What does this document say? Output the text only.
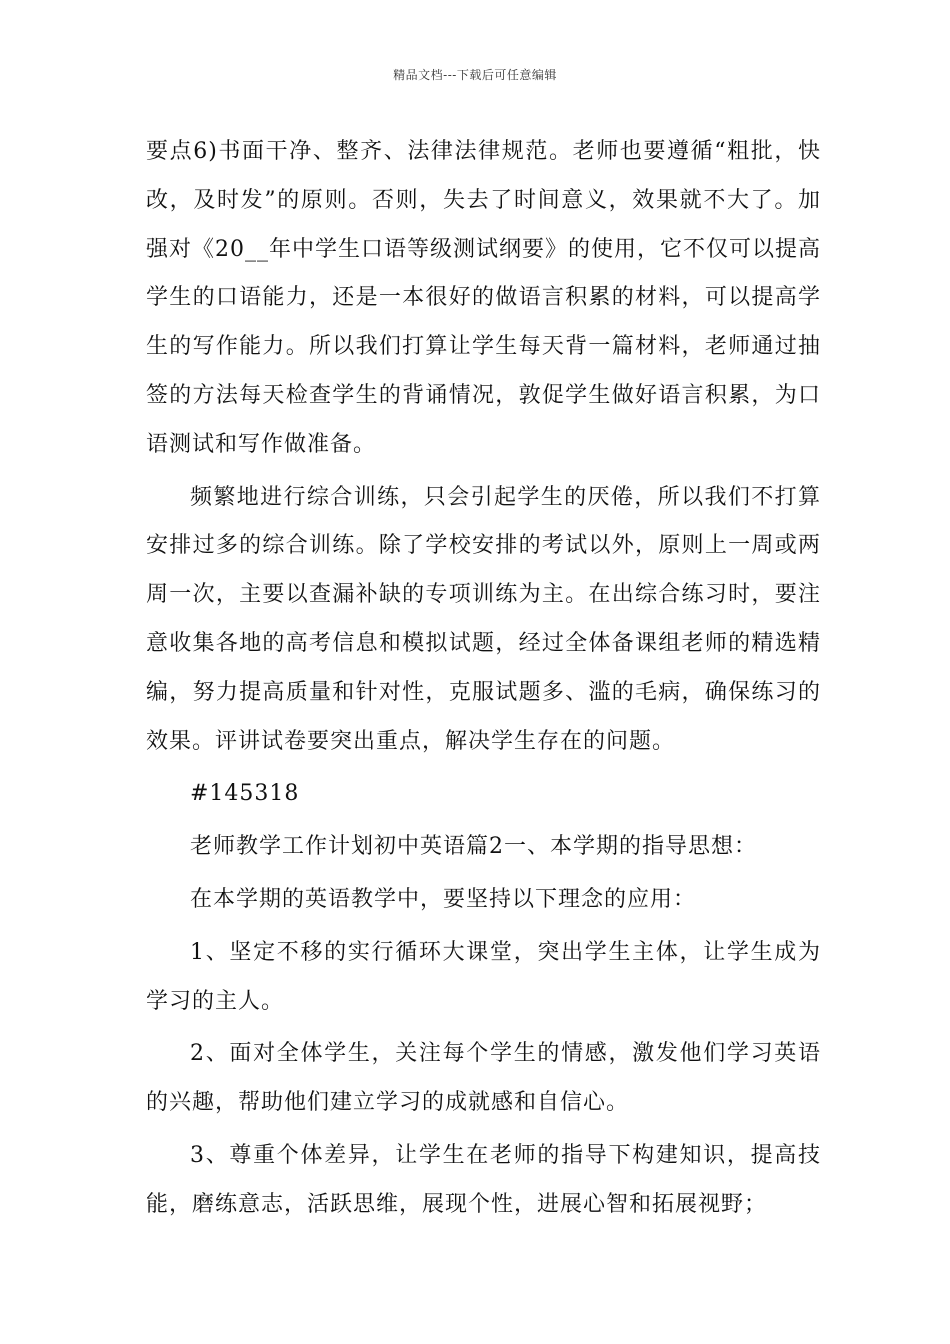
精品文档---下载后可任意编辑

要点6)书面干净、整齐、法律法律规范。老师也要遵循“粗批，快改，及时发”的原则。否则，失去了时间意义，效果就不大了。加强对《20__年中学生口语等级测试纲要》的使用，它不仅可以提高学生的口语能力，还是一本很好的做语言积累的材料，可以提高学生的写作能力。所以我们打算让学生每天背一篇材料，老师通过抽签的方法每天检查学生的背诵情况，敦促学生做好语言积累，为口语测试和写作做准备。

频繁地进行综合训练，只会引起学生的厌倦，所以我们不打算安排过多的综合训练。除了学校安排的考试以外，原则上一周或两周一次，主要以查漏补缺的专项训练为主。在出综合练习时，要注意收集各地的高考信息和模拟试题，经过全体备课组老师的精选精编，努力提高质量和针对性，克服试题多、滥的毛病，确保练习的效果。评讲试卷要突出重点，解决学生存在的问题。

#145318

老师教学工作计划初中英语篇2一、本学期的指导思想：

在本学期的英语教学中，要坚持以下理念的应用：

1、坚定不移的实行循环大课堂，突出学生主体，让学生成为学习的主人。

2、面对全体学生，关注每个学生的情感，激发他们学习英语的兴趣，帮助他们建立学习的成就感和自信心。

3、尊重个体差异，让学生在老师的指导下构建知识，提高技能，磨练意志，活跃思维，展现个性，进展心智和拓展视野；
